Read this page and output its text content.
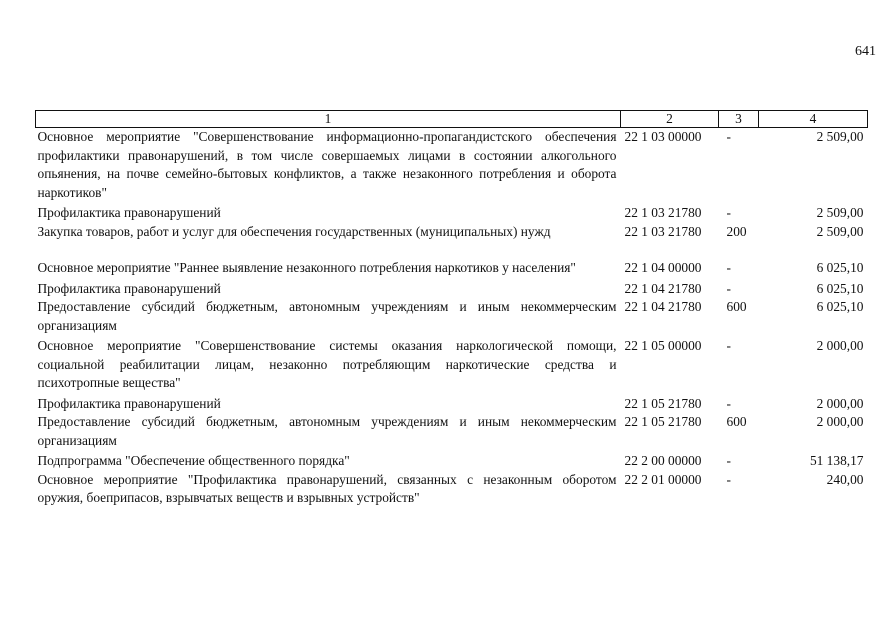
641
1	2	3	4
Основное мероприятие "Совершенствование информационно-пропагандистского обеспечения профилактики правонарушений, в том числе совершаемых лицами в состоянии алкогольного опьянения, на почве семейно-бытовых конфликтов, а также незаконного потребления и оборота наркотиков"	22 1 03 00000	-	2 509,00
Профилактика правонарушений	22 1 03 21780	-	2 509,00
Закупка товаров, работ и услуг для обеспечения государственных (муниципальных) нужд	22 1 03 21780	200	2 509,00
Основное мероприятие "Раннее выявление незаконного потребления наркотиков у населения"	22 1 04 00000	-	6 025,10
Профилактика правонарушений	22 1 04 21780	-	6 025,10
Предоставление субсидий бюджетным, автономным учреждениям и иным некоммерческим организациям	22 1 04 21780	600	6 025,10
Основное мероприятие "Совершенствование системы оказания наркологической помощи, социальной реабилитации лицам, незаконно потребляющим наркотические средства и психотропные вещества"	22 1 05 00000	-	2 000,00
Профилактика правонарушений	22 1 05 21780	-	2 000,00
Предоставление субсидий бюджетным, автономным учреждениям и иным некоммерческим организациям	22 1 05 21780	600	2 000,00
Подпрограмма "Обеспечение общественного порядка"	22 2 00 00000	-	51 138,17
Основное мероприятие "Профилактика правонарушений, связанных с незаконным оборотом оружия, боеприпасов, взрывчатых веществ и взрывных устройств"	22 2 01 00000	-	240,00
